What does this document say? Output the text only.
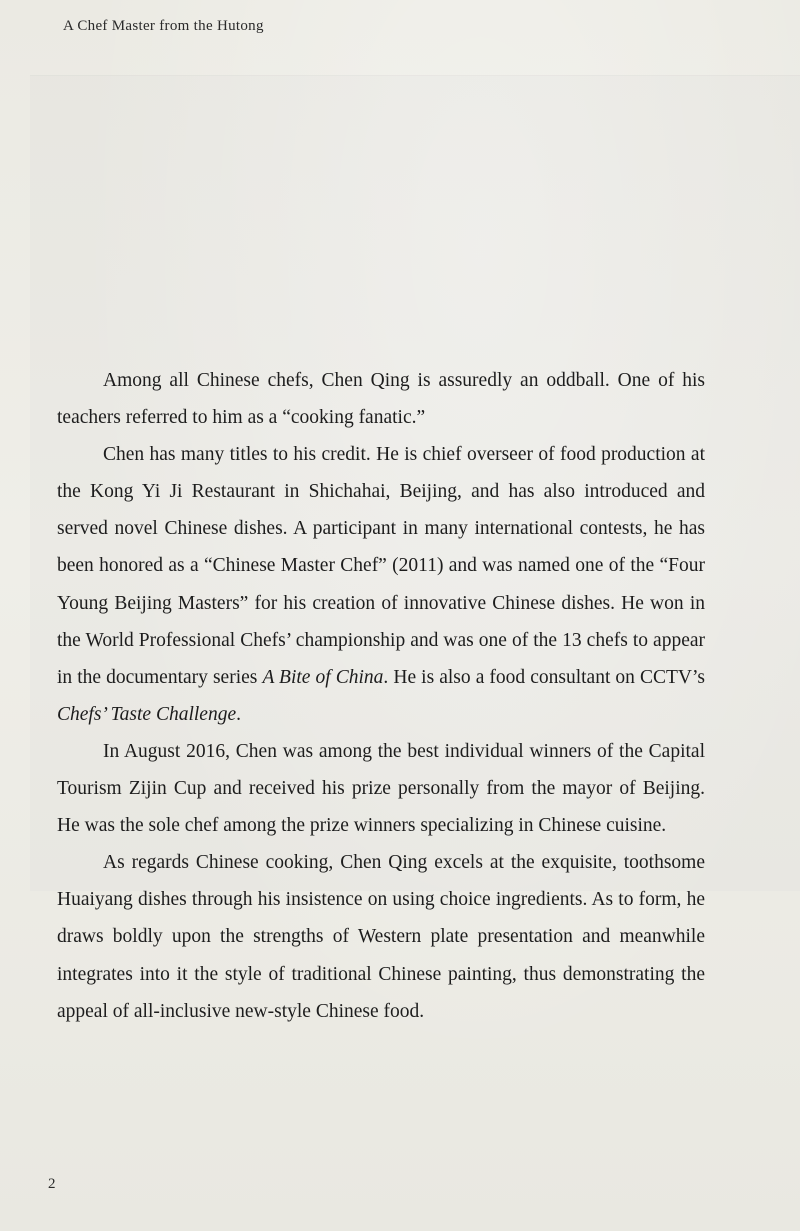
A Chef Master from the Hutong

Among all Chinese chefs, Chen Qing is assuredly an oddball. One of his teachers referred to him as a “cooking fanatic.”

Chen has many titles to his credit. He is chief overseer of food production at the Kong Yi Ji Restaurant in Shichahai, Beijing, and has also introduced and served novel Chinese dishes. A participant in many international contests, he has been honored as a “Chinese Master Chef” (2011) and was named one of the “Four Young Beijing Masters” for his creation of innovative Chinese dishes. He won in the World Professional Chefs’ championship and was one of the 13 chefs to appear in the documentary series A Bite of China. He is also a food consultant on CCTV’s Chefs’ Taste Challenge.

In August 2016, Chen was among the best individual winners of the Capital Tourism Zijin Cup and received his prize personally from the mayor of Beijing. He was the sole chef among the prize winners specializing in Chinese cuisine.

As regards Chinese cooking, Chen Qing excels at the exquisite, toothsome Huaiyang dishes through his insistence on using choice ingredients. As to form, he draws boldly upon the strengths of Western plate presentation and meanwhile integrates into it the style of traditional Chinese painting, thus demonstrating the appeal of all-inclusive new-style Chinese food.

2
